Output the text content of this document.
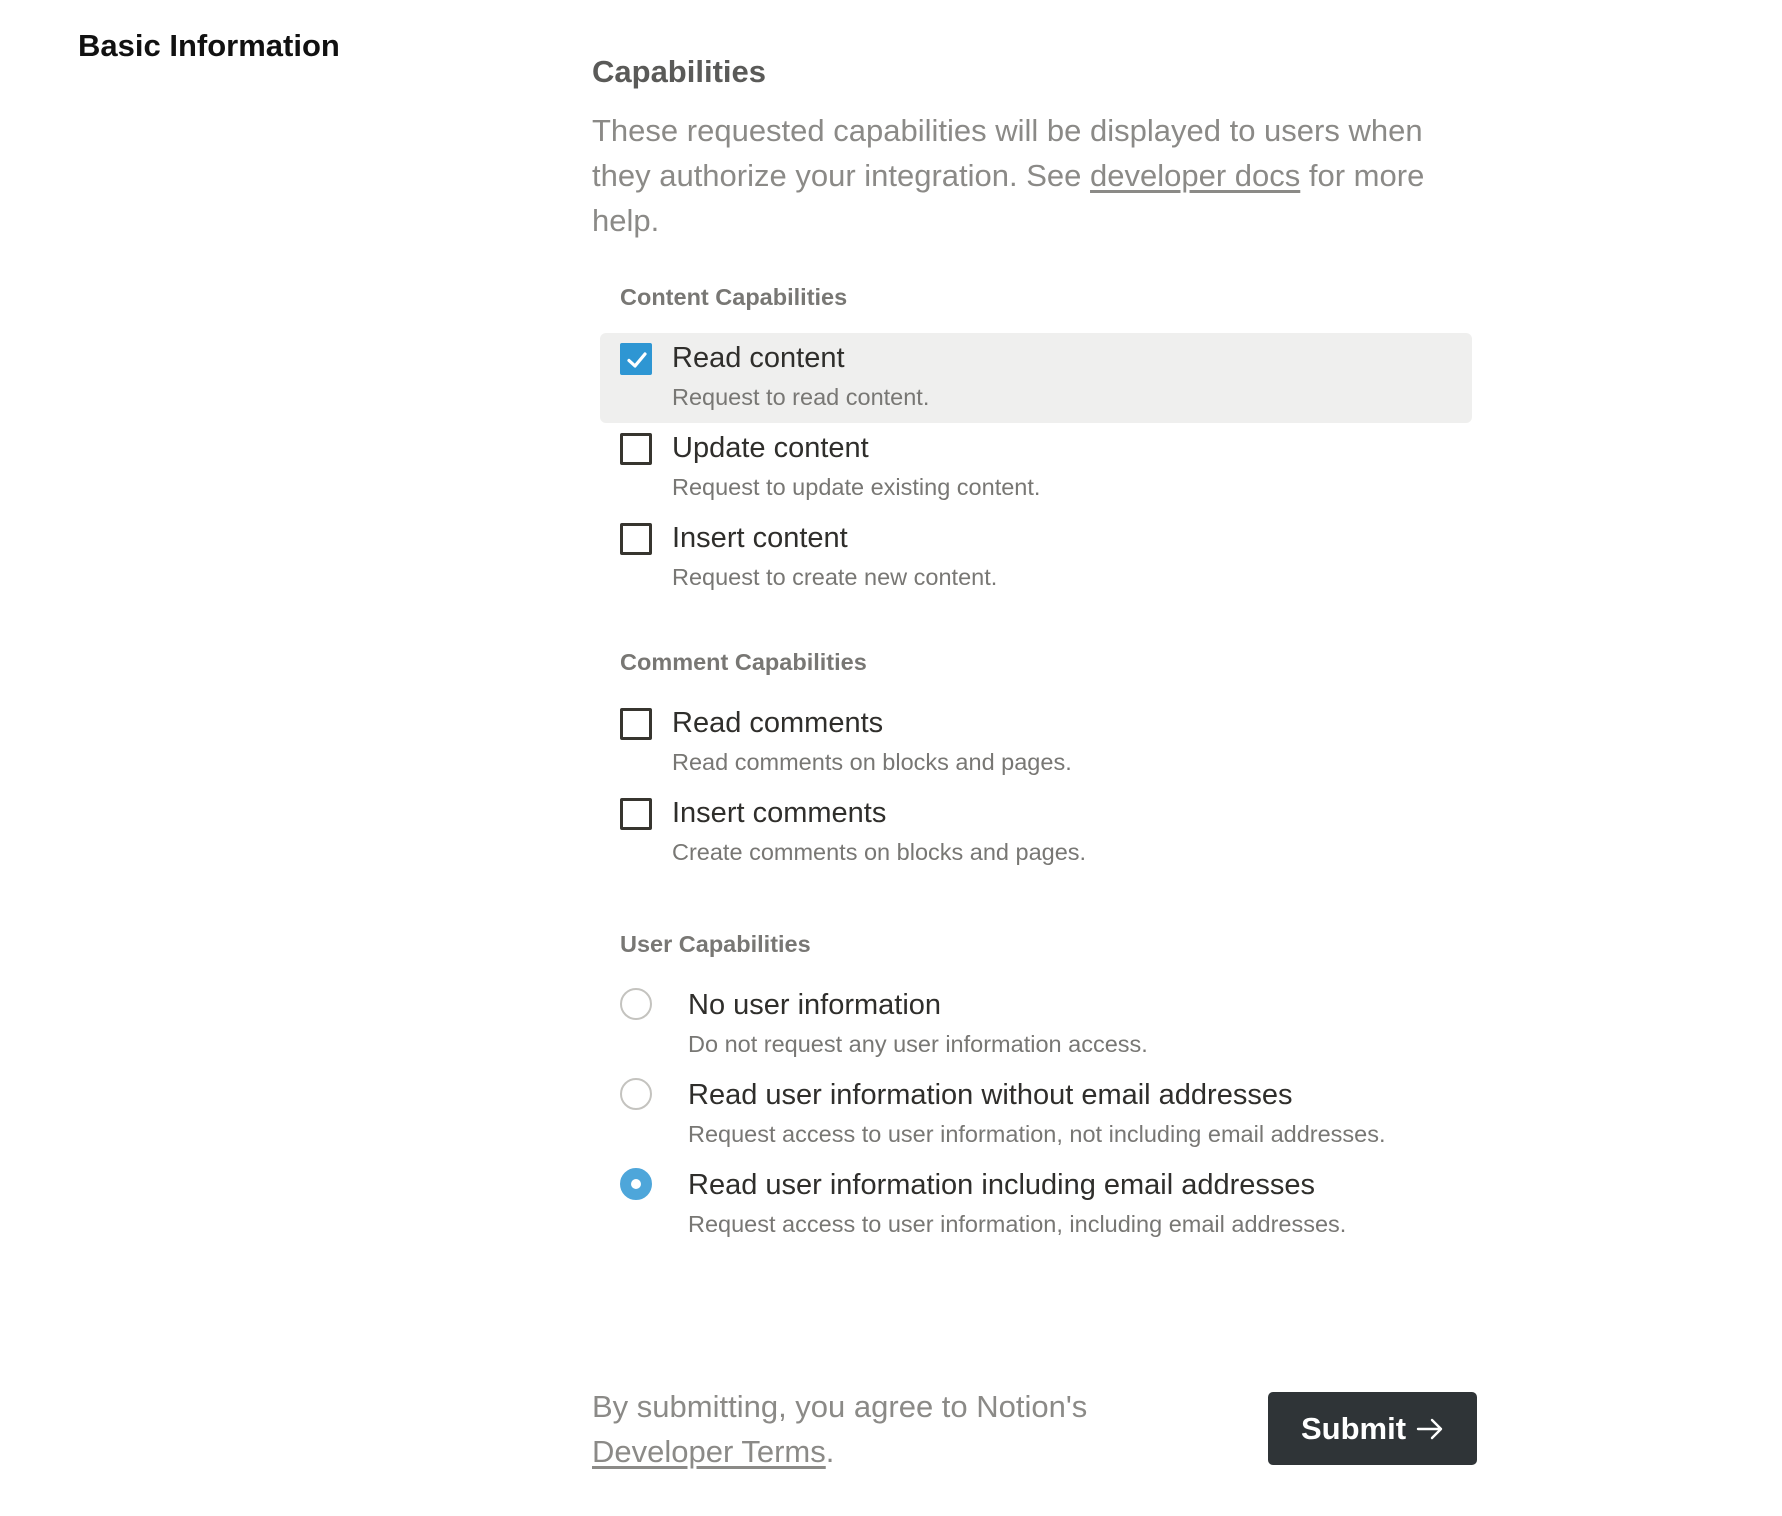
Basic Information
Capabilities
These requested capabilities will be displayed to users when they authorize your integration. See developer docs for more help.
Content Capabilities
Read content
Request to read content.
Update content
Request to update existing content.
Insert content
Request to create new content.
Comment Capabilities
Read comments
Read comments on blocks and pages.
Insert comments
Create comments on blocks and pages.
User Capabilities
No user information
Do not request any user information access.
Read user information without email addresses
Request access to user information, not including email addresses.
Read user information including email addresses
Request access to user information, including email addresses.
By submitting, you agree to Notion's Developer Terms.
Submit
